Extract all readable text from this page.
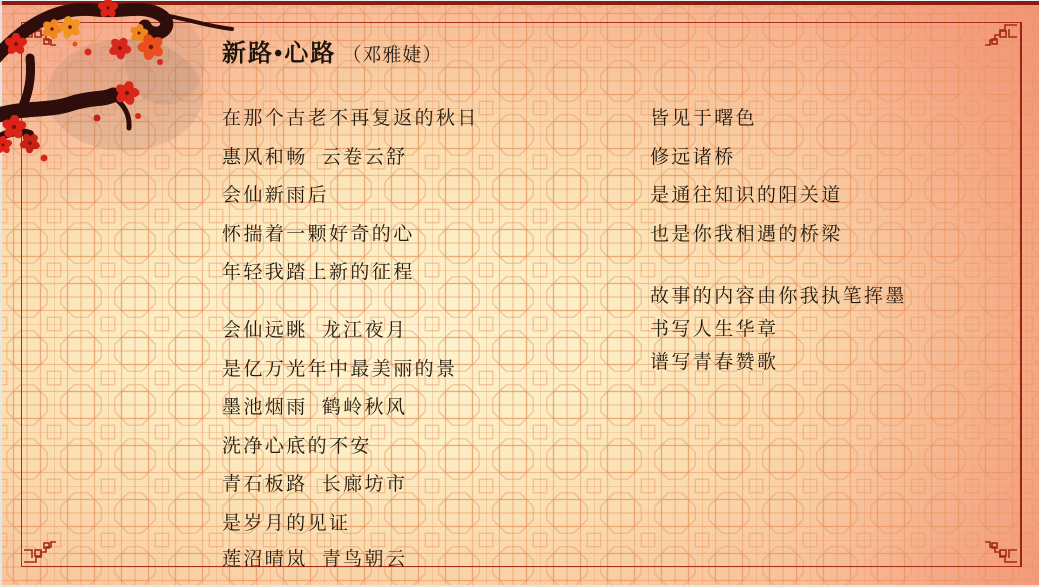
新路•心路 （邓雅婕）
在那个古老不再复返的秋日
惠风和畅 云卷云舒
会仙新雨后
怀揣着一颗好奇的心
年轻我踏上新的征程
会仙远眺 龙江夜月
是亿万光年中最美丽的景
墨池烟雨 鹤岭秋风
洗净心底的不安
青石板路 长廊坊市
是岁月的见证
莲沼晴岚 青鸟朝云
皆见于曙色
修远诸桥
是通往知识的阳关道
也是你我相遇的桥梁
故事的内容由你我执笔挥墨
书写人生华章
谱写青春赞歌
